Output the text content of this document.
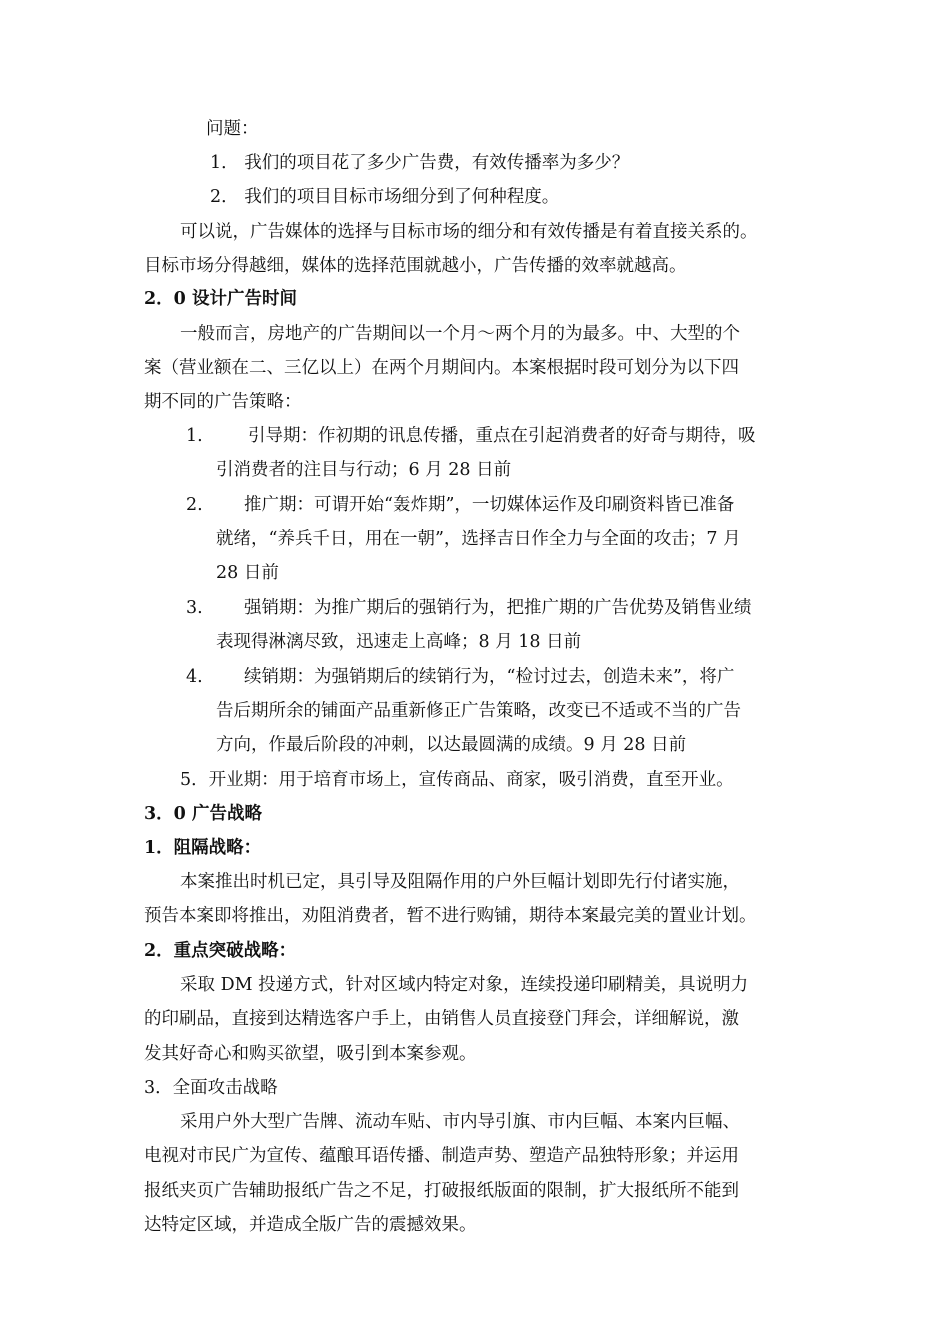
问题：
1． 我们的项目花了多少广告费，有效传播率为多少？
2． 我们的项目目标市场细分到了何种程度。
可以说，广告媒体的选择与目标市场的细分和有效传播是有着直接关系的。
目标市场分得越细，媒体的选择范围就越小，广告传播的效率就越高。
2．0 设计广告时间
一般而言，房地产的广告期间以一个月～两个月的为最多。中、大型的个
案（营业额在二、三亿以上）在两个月期间内。本案根据时段可划分为以下四
期不同的广告策略：
1.	引导期：作初期的讯息传播，重点在引起消费者的好奇与期待，吸
引消费者的注目与行动；6 月 28 日前
2. 推广期：可谓开始“轰炸期”，一切媒体运作及印刷资料皆已准备
就绪，“养兵千日，用在一朝”，选择吉日作全力与全面的攻击；7 月
28 日前
3. 强销期：为推广期后的强销行为，把推广期的广告优势及销售业绩
表现得淋漓尽致，迅速走上高峰；8 月 18 日前
4. 续销期：为强销期后的续销行为，“检讨过去，创造未来”，将广
告后期所余的铺面产品重新修正广告策略，改变已不适或不当的广告
方向，作最后阶段的冲刺，以达最圆满的成绩。9 月 28 日前
5．开业期：用于培育市场上，宣传商品、商家，吸引消费，直至开业。
3．0 广告战略
1．阻隔战略：
本案推出时机已定，具引导及阻隔作用的户外巨幅计划即先行付诸实施，
预告本案即将推出，劝阻消费者，暂不进行购铺，期待本案最完美的置业计划。
2．重点突破战略：
采取 DM 投递方式，针对区域内特定对象，连续投递印刷精美，具说明力
的印刷品，直接到达精选客户手上，由销售人员直接登门拜会，详细解说，激
发其好奇心和购买欲望，吸引到本案参观。
3．全面攻击战略
采用户外大型广告牌、流动车贴、市内导引旗、市内巨幅、本案内巨幅、
电视对市民广为宣传、蕴酿耳语传播、制造声势、塑造产品独特形象；并运用
报纸夹页广告辅助报纸广告之不足，打破报纸版面的限制，扩大报纸所不能到
达特定区域，并造成全版广告的震撼效果。
